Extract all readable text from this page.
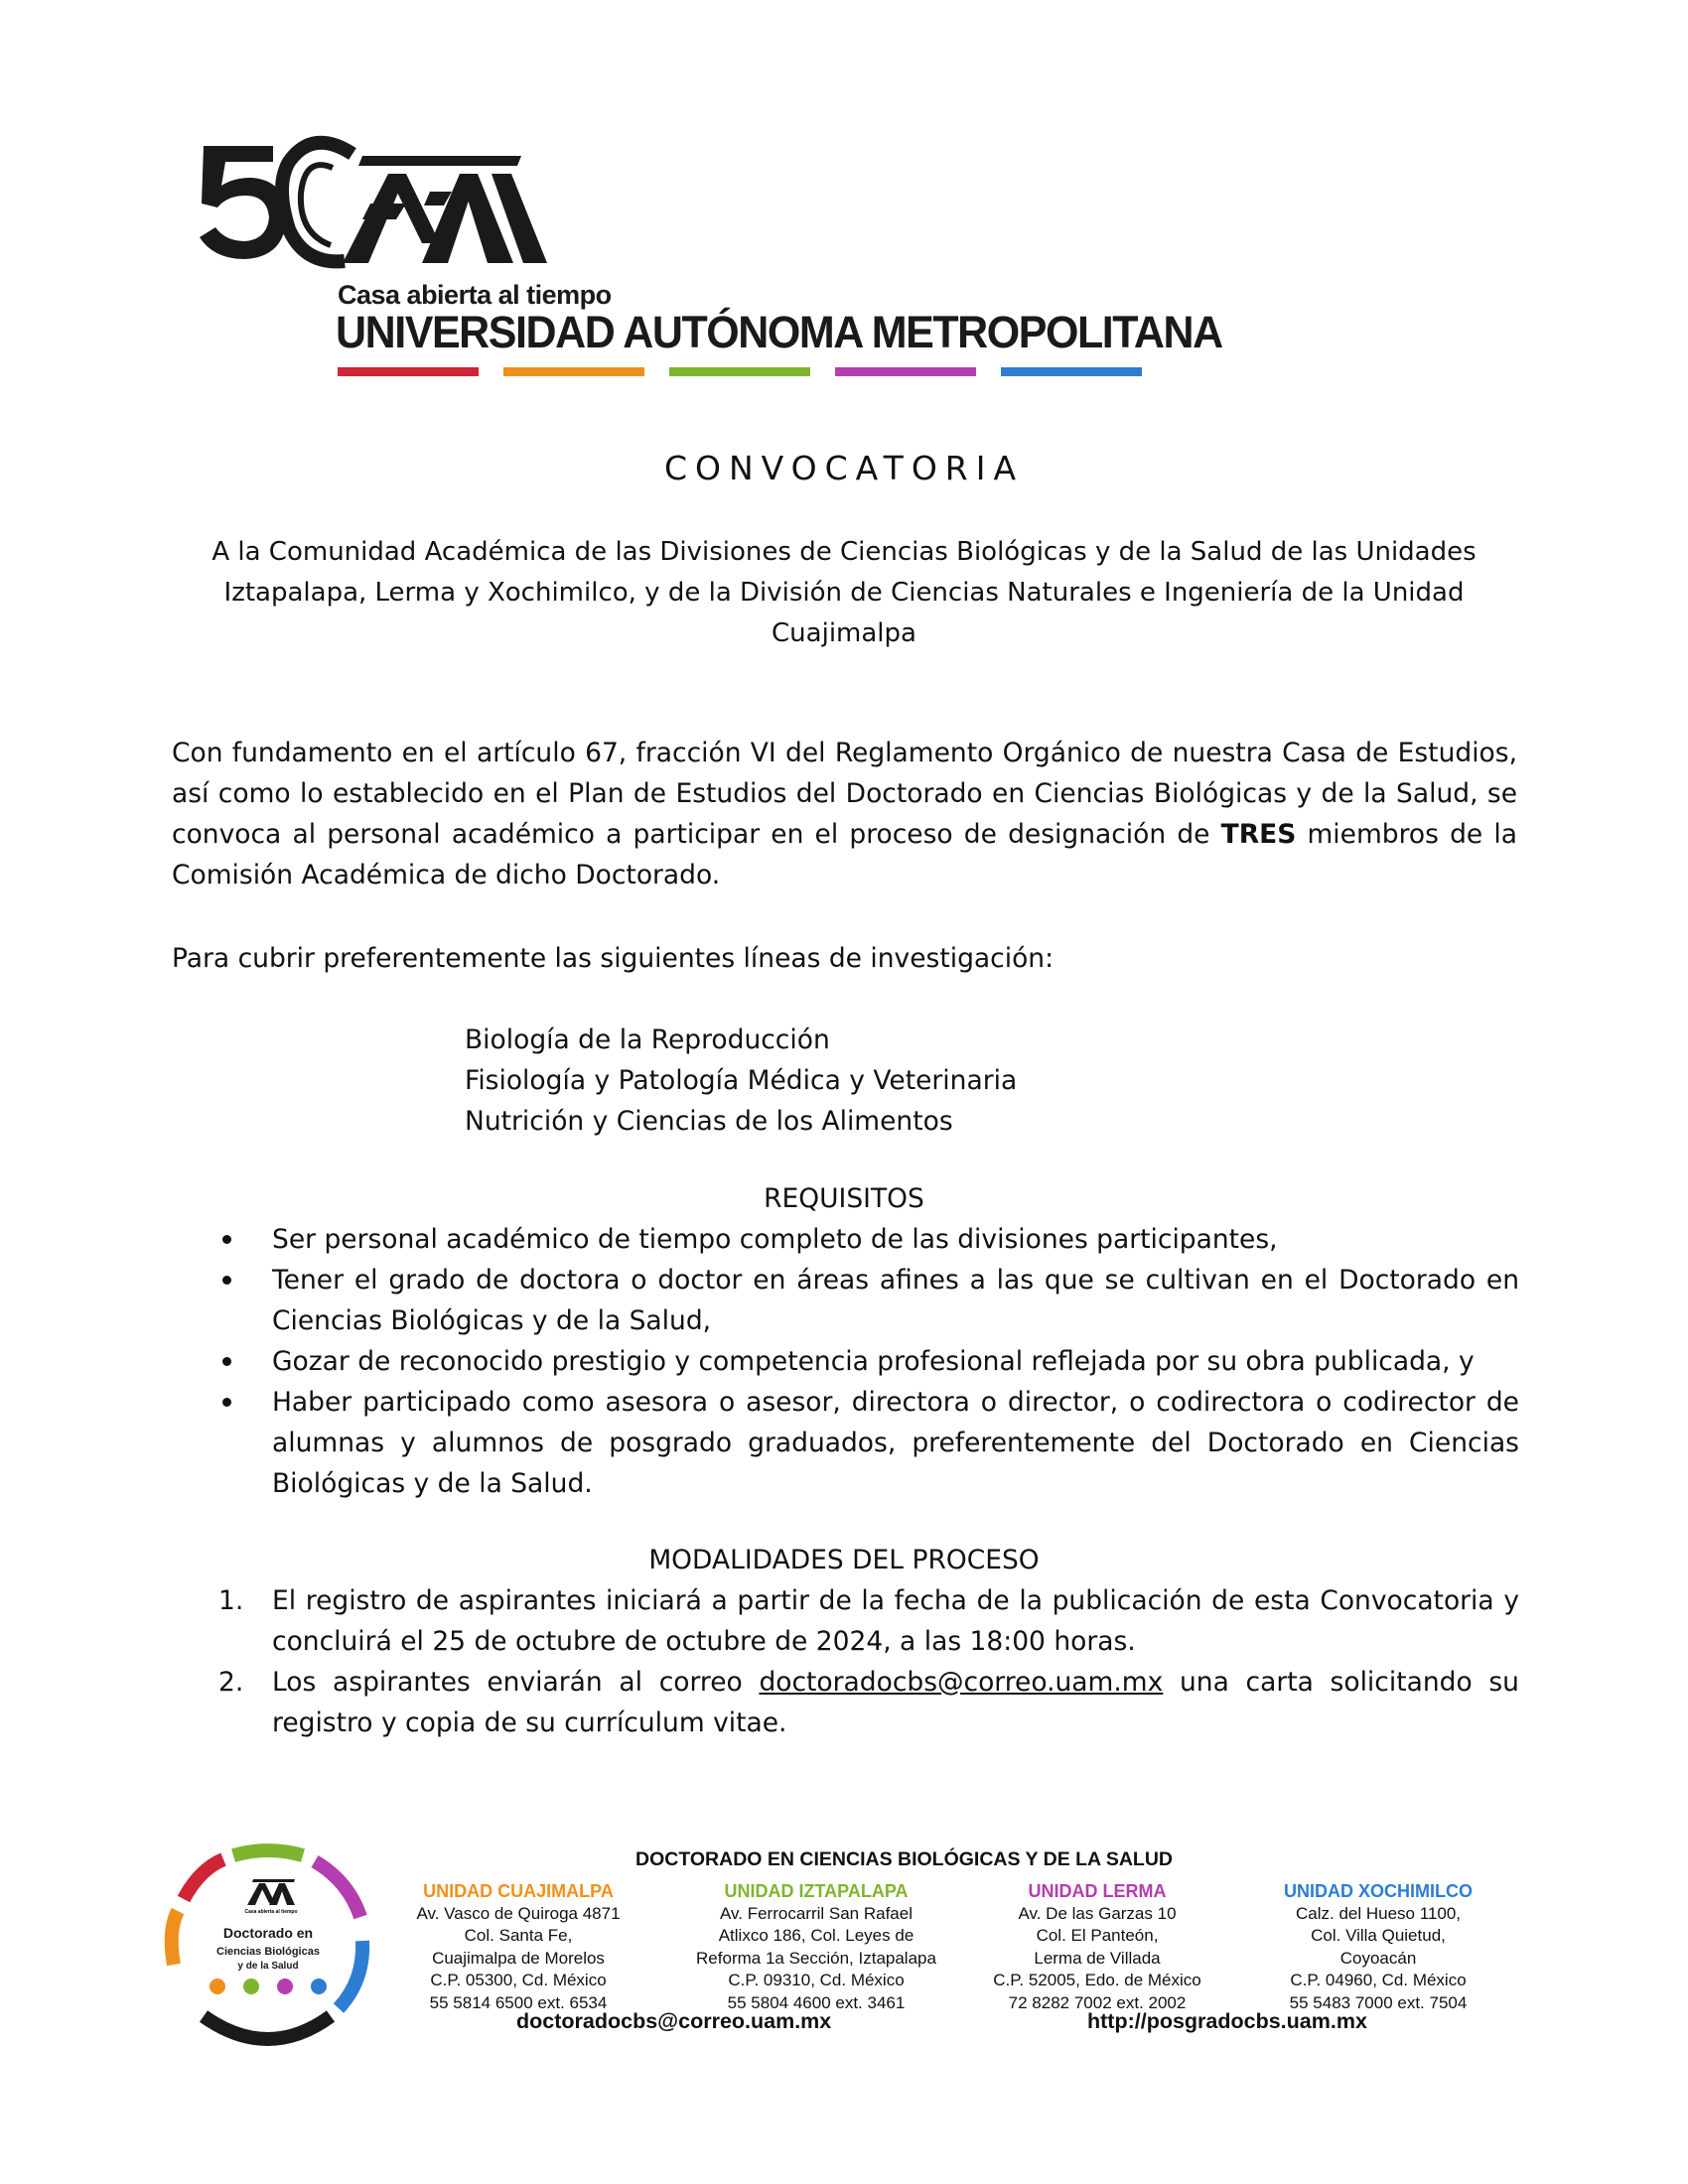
Casa abierta al tiempo
UNIVERSIDAD AUTÓNOMA METROPOLITANA
CONVOCATORIA
A la Comunidad Académica de las Divisiones de Ciencias Biológicas y de la Salud de las Unidades Iztapalapa, Lerma y Xochimilco, y de la División de Ciencias Naturales e Ingeniería de la Unidad Cuajimalpa
Con fundamento en el artículo 67, fracción VI del Reglamento Orgánico de nuestra Casa de Estudios, así como lo establecido en el Plan de Estudios del Doctorado en Ciencias Biológicas y de la Salud, se convoca al personal académico a participar en el proceso de designación de TRES miembros de la Comisión Académica de dicho Doctorado.
Para cubrir preferentemente las siguientes líneas de investigación:
Biología de la Reproducción
Fisiología y Patología Médica y Veterinaria
Nutrición y Ciencias de los Alimentos
REQUISITOS
Ser personal académico de tiempo completo de las divisiones participantes,
Tener el grado de doctora o doctor en áreas afines a las que se cultivan en el Doctorado en Ciencias Biológicas y de la Salud,
Gozar de reconocido prestigio y competencia profesional reflejada por su obra publicada, y
Haber participado como asesora o asesor, directora o director, o codirectora o codirector de alumnas y alumnos de posgrado graduados, preferentemente del Doctorado en Ciencias Biológicas y de la Salud.
MODALIDADES DEL PROCESO
1. El registro de aspirantes iniciará a partir de la fecha de la publicación de esta Convocatoria y concluirá el 25 de octubre de octubre de 2024, a las 18:00 horas.
2. Los aspirantes enviarán al correo doctoradocbs@correo.uam.mx una carta solicitando su registro y copia de su currículum vitae.
Casa abierta al tiempo
Doctorado en
Ciencias Biológicas
y de la Salud
DOCTORADO EN CIENCIAS BIOLÓGICAS Y DE LA SALUD
UNIDAD CUAJIMALPA
Av. Vasco de Quiroga 4871
Col. Santa Fe,
Cuajimalpa de Morelos
C.P. 05300, Cd. México
55 5814 6500 ext. 6534
UNIDAD IZTAPALAPA
Av. Ferrocarril San Rafael
Atlixco 186, Col. Leyes de
Reforma 1a Sección, Iztapalapa
C.P. 09310, Cd. México
55 5804 4600 ext. 3461
UNIDAD LERMA
Av. De las Garzas 10
Col. El Panteón,
Lerma de Villada
C.P. 52005, Edo. de México
72 8282 7002 ext. 2002
UNIDAD XOCHIMILCO
Calz. del Hueso 1100,
Col. Villa Quietud,
Coyoacán
C.P. 04960, Cd. México
55 5483 7000 ext. 7504
doctoradocbs@correo.uam.mx	http://posgradocbs.uam.mx
